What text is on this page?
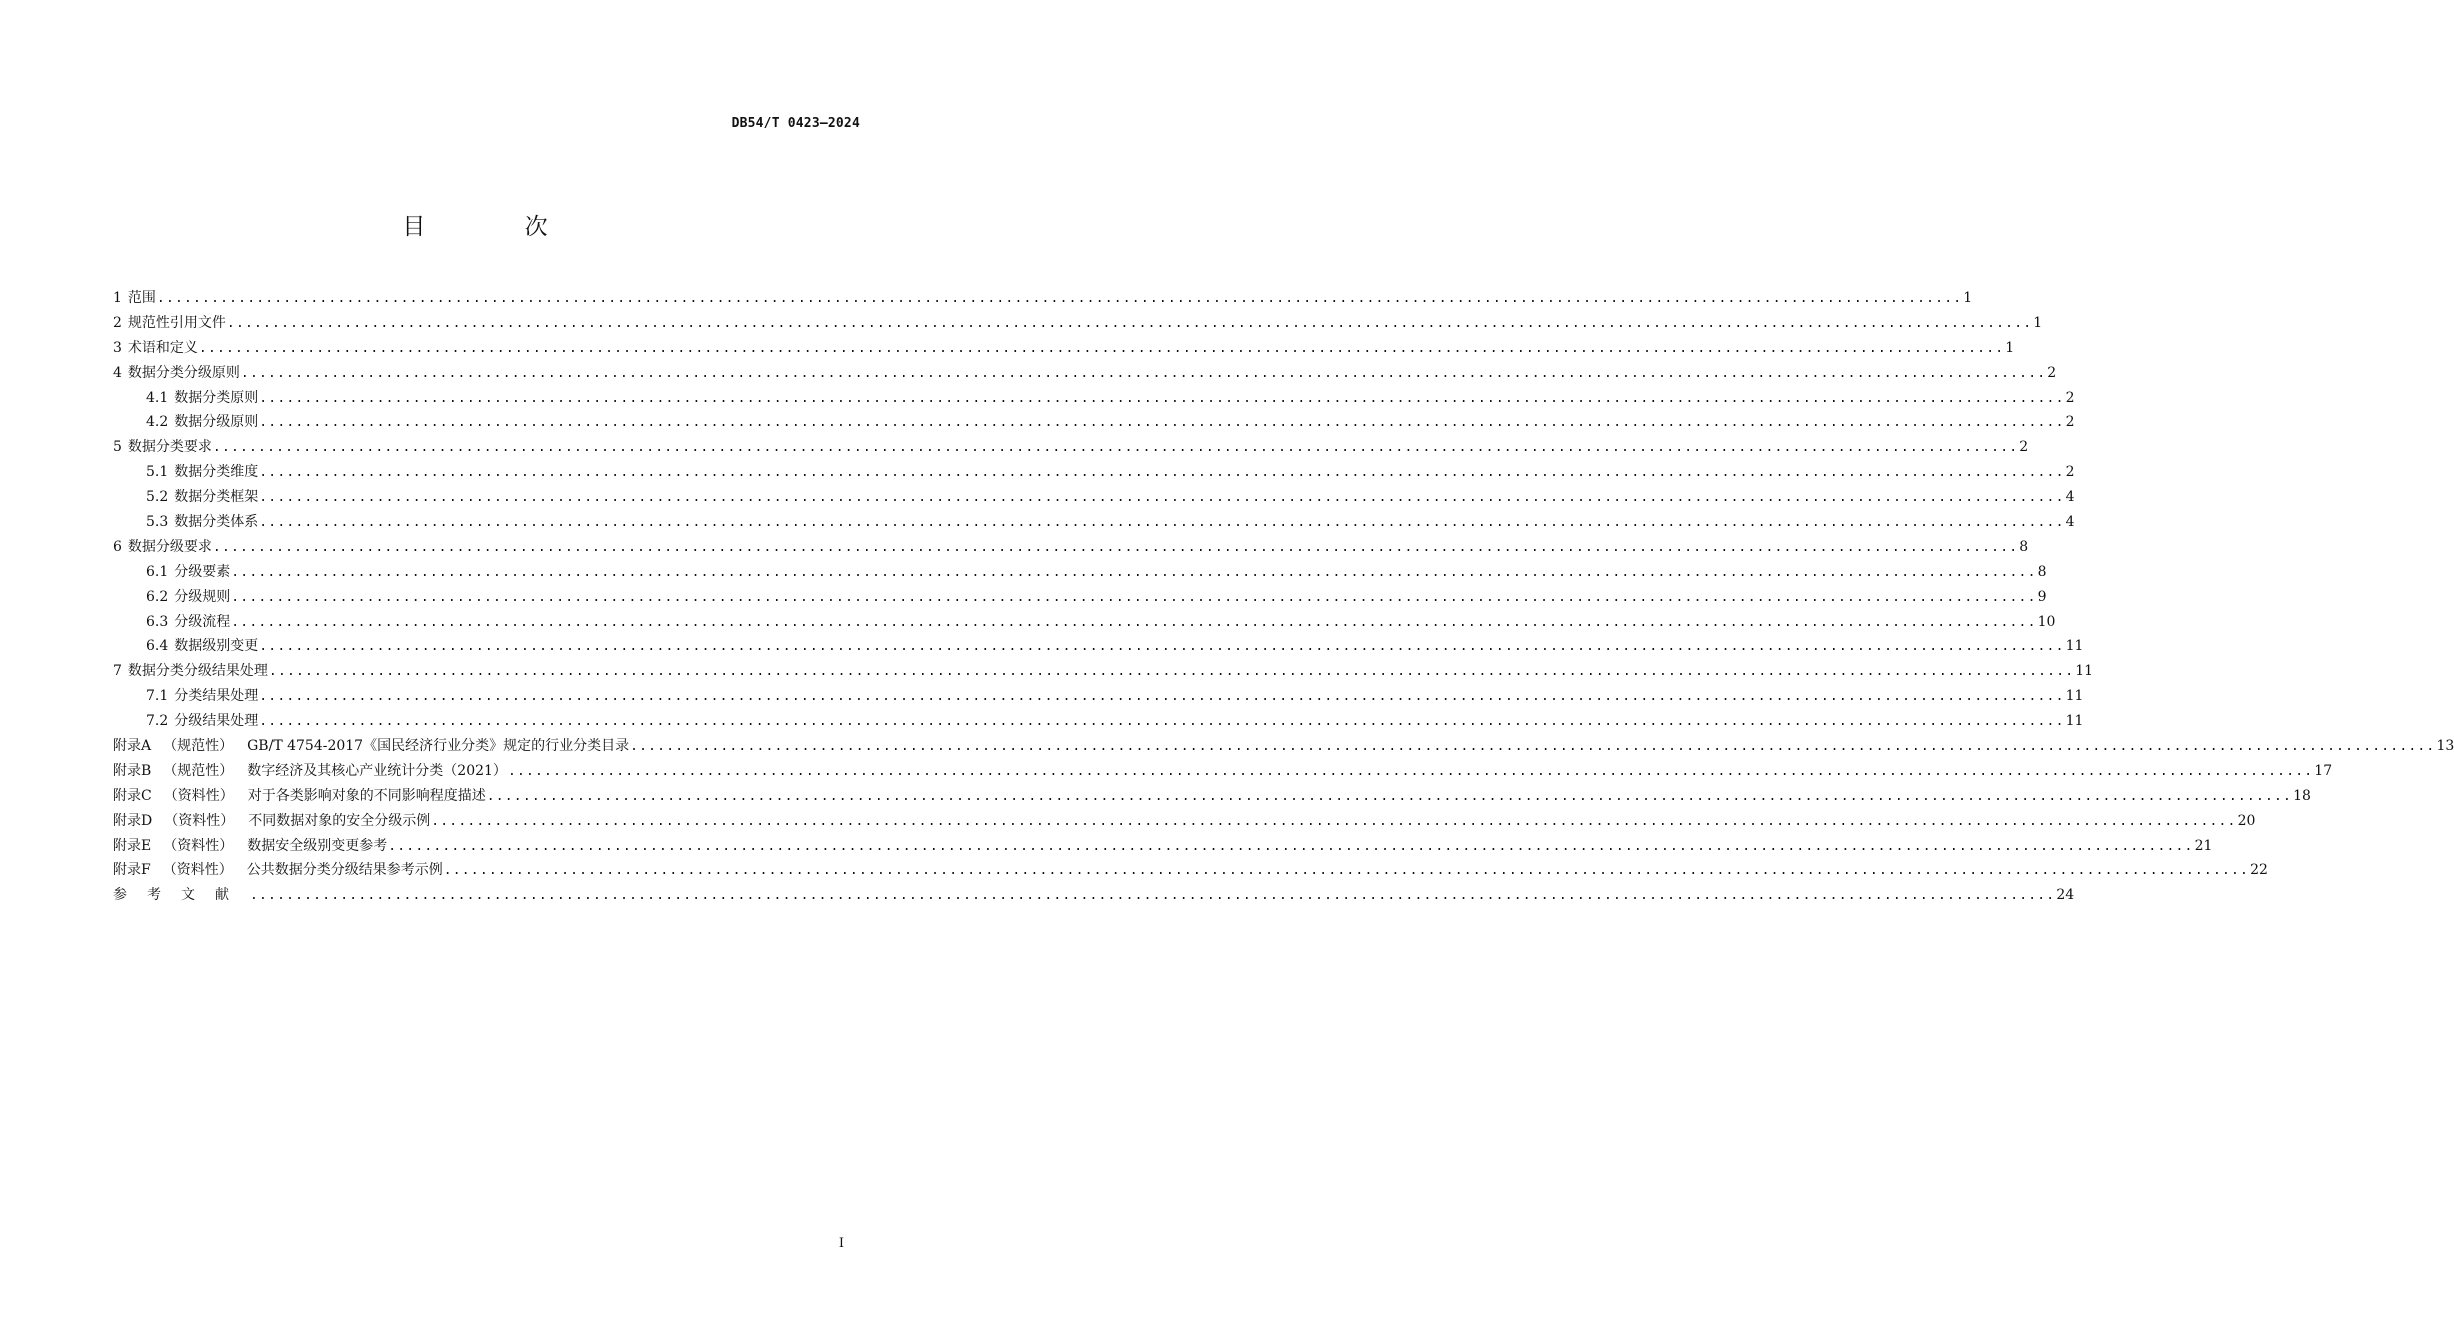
DB54/T 0423—2024
目 次
1 范围 ........................................................................................................................................................................................................ 1
2 规范性引用文件 ........................................................................................................................................................................................................ 1
3 术语和定义 ........................................................................................................................................................................................................ 1
4 数据分类分级原则 ........................................................................................................................................................................................................ 2
4.1 数据分类原则 ........................................................................................................................................................................................................ 2
4.2 数据分级原则 ........................................................................................................................................................................................................ 2
5 数据分类要求 ........................................................................................................................................................................................................ 2
5.1 数据分类维度 ........................................................................................................................................................................................................ 2
5.2 数据分类框架 ........................................................................................................................................................................................................ 4
5.3 数据分类体系 ........................................................................................................................................................................................................ 4
6 数据分级要求 ........................................................................................................................................................................................................ 8
6.1 分级要素 ........................................................................................................................................................................................................ 8
6.2 分级规则 ........................................................................................................................................................................................................ 9
6.3 分级流程 ........................................................................................................................................................................................................ 10
6.4 数据级别变更 ........................................................................................................................................................................................................ 11
7 数据分类分级结果处理 ........................................................................................................................................................................................................ 11
7.1 分类结果处理 ........................................................................................................................................................................................................ 11
7.2 分级结果处理 ........................................................................................................................................................................................................ 11
附录A （规范性） GB/T 4754-2017《国民经济行业分类》规定的行业分类目录 ........................................................................................................................................................................................................ 13
附录B （规范性） 数字经济及其核心产业统计分类（2021） ........................................................................................................................................................................................................ 17
附录C （资料性） 对于各类影响对象的不同影响程度描述 ........................................................................................................................................................................................................ 18
附录D （资料性） 不同数据对象的安全分级示例 ........................................................................................................................................................................................................ 20
附录E （资料性） 数据安全级别变更参考 ........................................................................................................................................................................................................ 21
附录F （资料性） 公共数据分类分级结果参考示例 ........................................................................................................................................................................................................ 22
参考文献 ........................................................................................................................................................................................................ 24
I
